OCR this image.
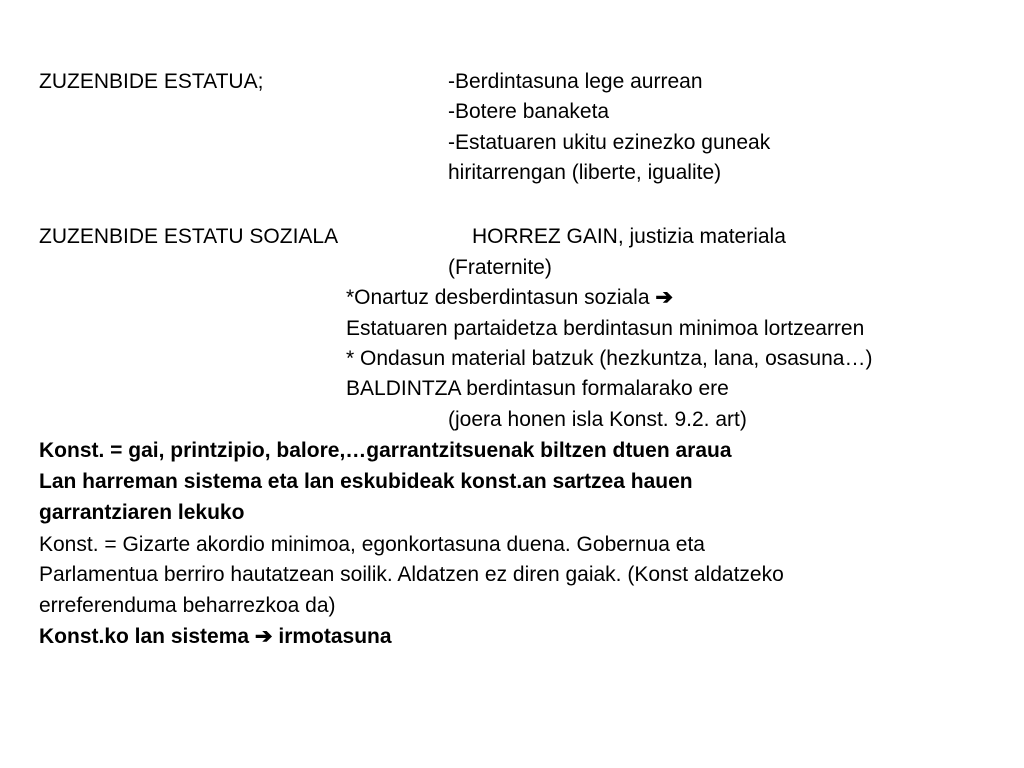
ZUZENBIDE ESTATUA;	-Berdintasuna lege aurrean
-Botere banaketa
-Estatuaren ukitu ezinezko guneak
hiritarrengan (liberte, igualite)
ZUZENBIDE ESTATU SOZIALA	HORREZ GAIN, justizia materiala
(Fraternite)
*Onartuz desberdintasun soziala ➔
Estatuaren partaidetza berdintasun minimoa lortzearren
* Ondasun material batzuk (hezkuntza, lana, osasuna…)
BALDINTZA berdintasun formalarako ere
(joera honen isla Konst. 9.2. art)
Konst. = gai, printzipio, balore,…garrantzitsuenak biltzen dtuen araua
Lan harreman sistema eta lan eskubideak konst.an sartzea hauen
garrantziaren lekuko
Konst. = Gizarte akordio minimoa, egonkortasuna duena. Gobernua eta
Parlamentua berriro hautatzean soilik. Aldatzen ez diren gaiak. (Konst aldatzeko
erreferenduma beharrezkoa da)
Konst.ko lan sistema ➔ irmotasuna
